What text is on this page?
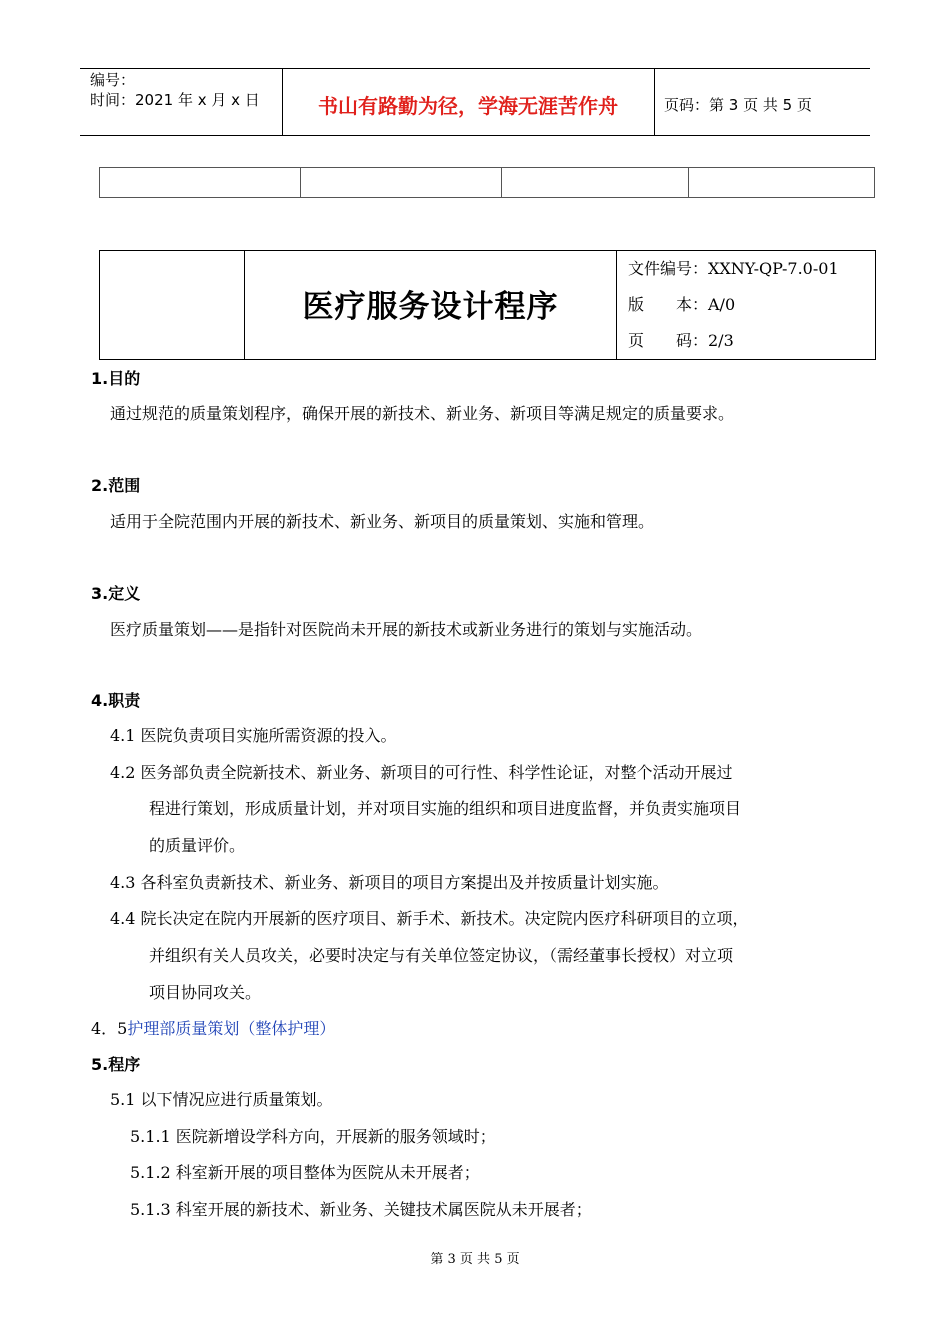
编号：
时间：2021 年 x 月 x 日	书山有路勤为径，学海无涯苦作舟	页码：第 3 页 共 5 页
医疗服务设计程序
文件编号：XXNY-QP-7.0-01
版　　本：A/0
页　　码：2/3
1.目的
通过规范的质量策划程序，确保开展的新技术、新业务、新项目等满足规定的质量要求。
2.范围
适用于全院范围内开展的新技术、新业务、新项目的质量策划、实施和管理。
3.定义
医疗质量策划——是指针对医院尚未开展的新技术或新业务进行的策划与实施活动。
4.职责
4.1 医院负责项目实施所需资源的投入。
4.2 医务部负责全院新技术、新业务、新项目的可行性、科学性论证，对整个活动开展过
程进行策划，形成质量计划，并对项目实施的组织和项目进度监督，并负责实施项目
的质量评价。
4.3 各科室负责新技术、新业务、新项目的项目方案提出及并按质量计划实施。
4.4 院长决定在院内开展新的医疗项目、新手术、新技术。决定院内医疗科研项目的立项，
并组织有关人员攻关，必要时决定与有关单位签定协议，（需经董事长授权）对立项
项目协同攻关。
4．5护理部质量策划（整体护理）
5.程序
5.1 以下情况应进行质量策划。
5.1.1 医院新增设学科方向，开展新的服务领域时；
5.1.2 科室新开展的项目整体为医院从未开展者；
5.1.3 科室开展的新技术、新业务、关键技术属医院从未开展者；
第 3 页 共 5 页
